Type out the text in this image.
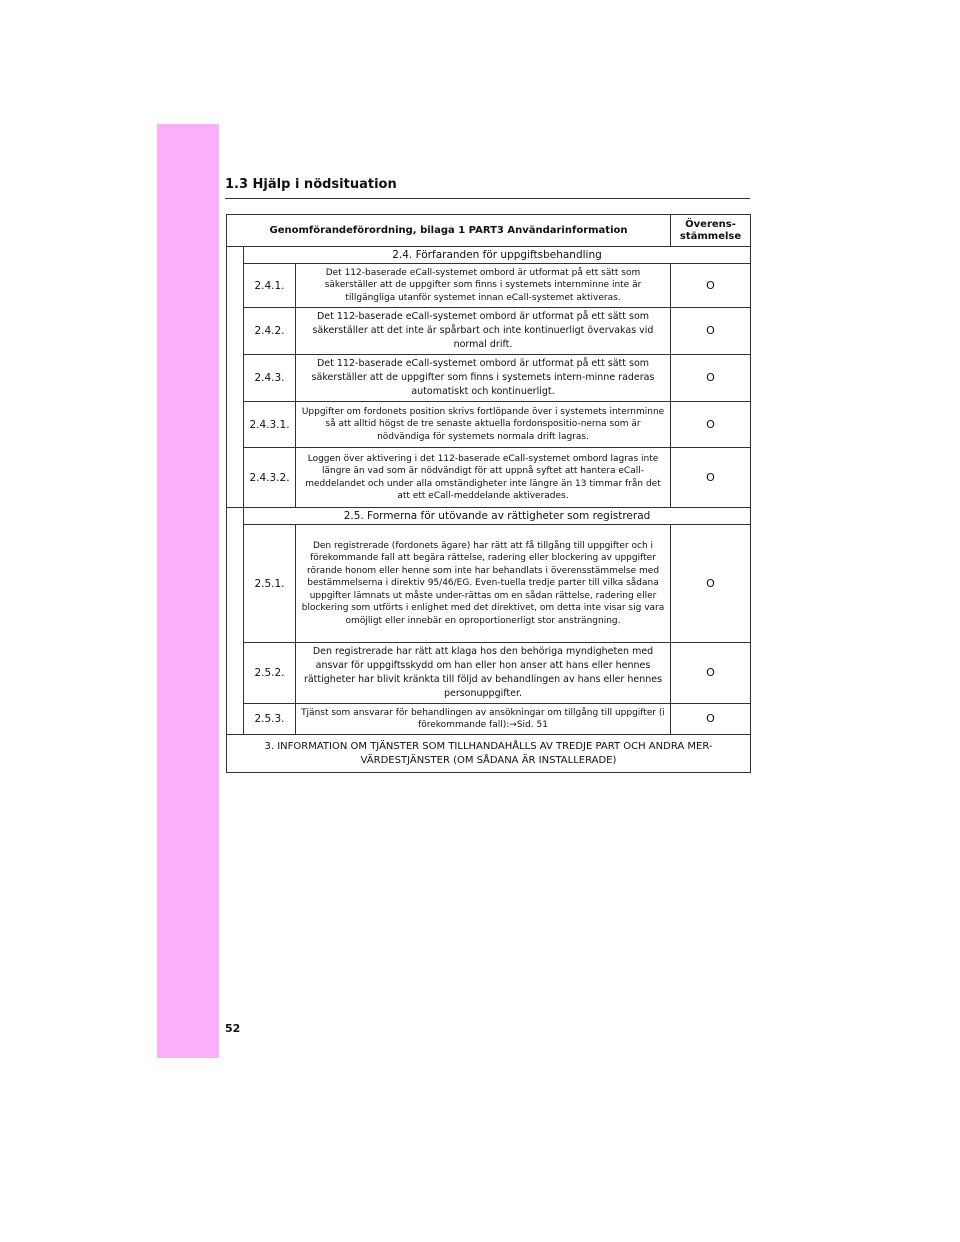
1.3 Hjälp i nödsituation
Genomförandeförordning, bilaga 1 PART3 Användarinformation			Överens-
stämmelse
	2.4. Förfaranden för uppgiftsbehandling		
	2.4.1.	Det 112-baserade eCall-systemet ombord är utformat på ett sätt som säkerställer att de uppgifter som finns i systemets internminne inte är tillgängliga utanför systemet innan eCall-systemet aktiveras.	O
	2.4.2.	Det 112-baserade eCall-systemet ombord är utformat på ett sätt som säkerställer att det inte är spårbart och inte kontinuerligt övervakas vid normal drift.	O
	2.4.3.	Det 112-baserade eCall-systemet ombord är utformat på ett sätt som säkerställer att de uppgifter som finns i systemets intern-minne raderas automatiskt och kontinuerligt.	O
	2.4.3.1.	Uppgifter om fordonets position skrivs fortlöpande över i systemets internminne så att alltid högst de tre senaste aktuella fordonspositio-nerna som är nödvändiga för systemets normala drift lagras.	O
	2.4.3.2.	Loggen över aktivering i det 112-baserade eCall-systemet ombord lagras inte längre än vad som är nödvändigt för att uppnå syftet att hantera eCall-meddelandet och under alla omständigheter inte längre än 13 timmar från det att ett eCall-meddelande aktiverades.	O
	2.5. Formerna för utövande av rättigheter som registrerad		
	2.5.1.	Den registrerade (fordonets ägare) har rätt att få tillgång till uppgifter och i förekommande fall att begära rättelse, radering eller blockering av uppgifter rörande honom eller henne som inte har behandlats i överensstämmelse med bestämmelserna i direktiv 95/46/EG. Even-tuella tredje parter till vilka sådana uppgifter lämnats ut måste under-rättas om en sådan rättelse, radering eller blockering som utförts i enlighet med det direktivet, om detta inte visar sig vara omöjligt eller innebär en oproportionerligt stor ansträngning.	O
	2.5.2.	Den registrerade har rätt att klaga hos den behöriga myndigheten med ansvar för uppgiftsskydd om han eller hon anser att hans eller hennes rättigheter har blivit kränkta till följd av behandlingen av hans eller hennes personuppgifter.	O
	2.5.3.	Tjänst som ansvarar för behandlingen av ansökningar om tillgång till uppgifter (i förekommande fall):→Sid. 51	O
3. INFORMATION OM TJÄNSTER SOM TILLHANDAHÅLLS AV TREDJE PART OCH ANDRA MER-VÄRDESTJÄNSTER (OM SÅDANA ÄR INSTALLERADE)			
52
